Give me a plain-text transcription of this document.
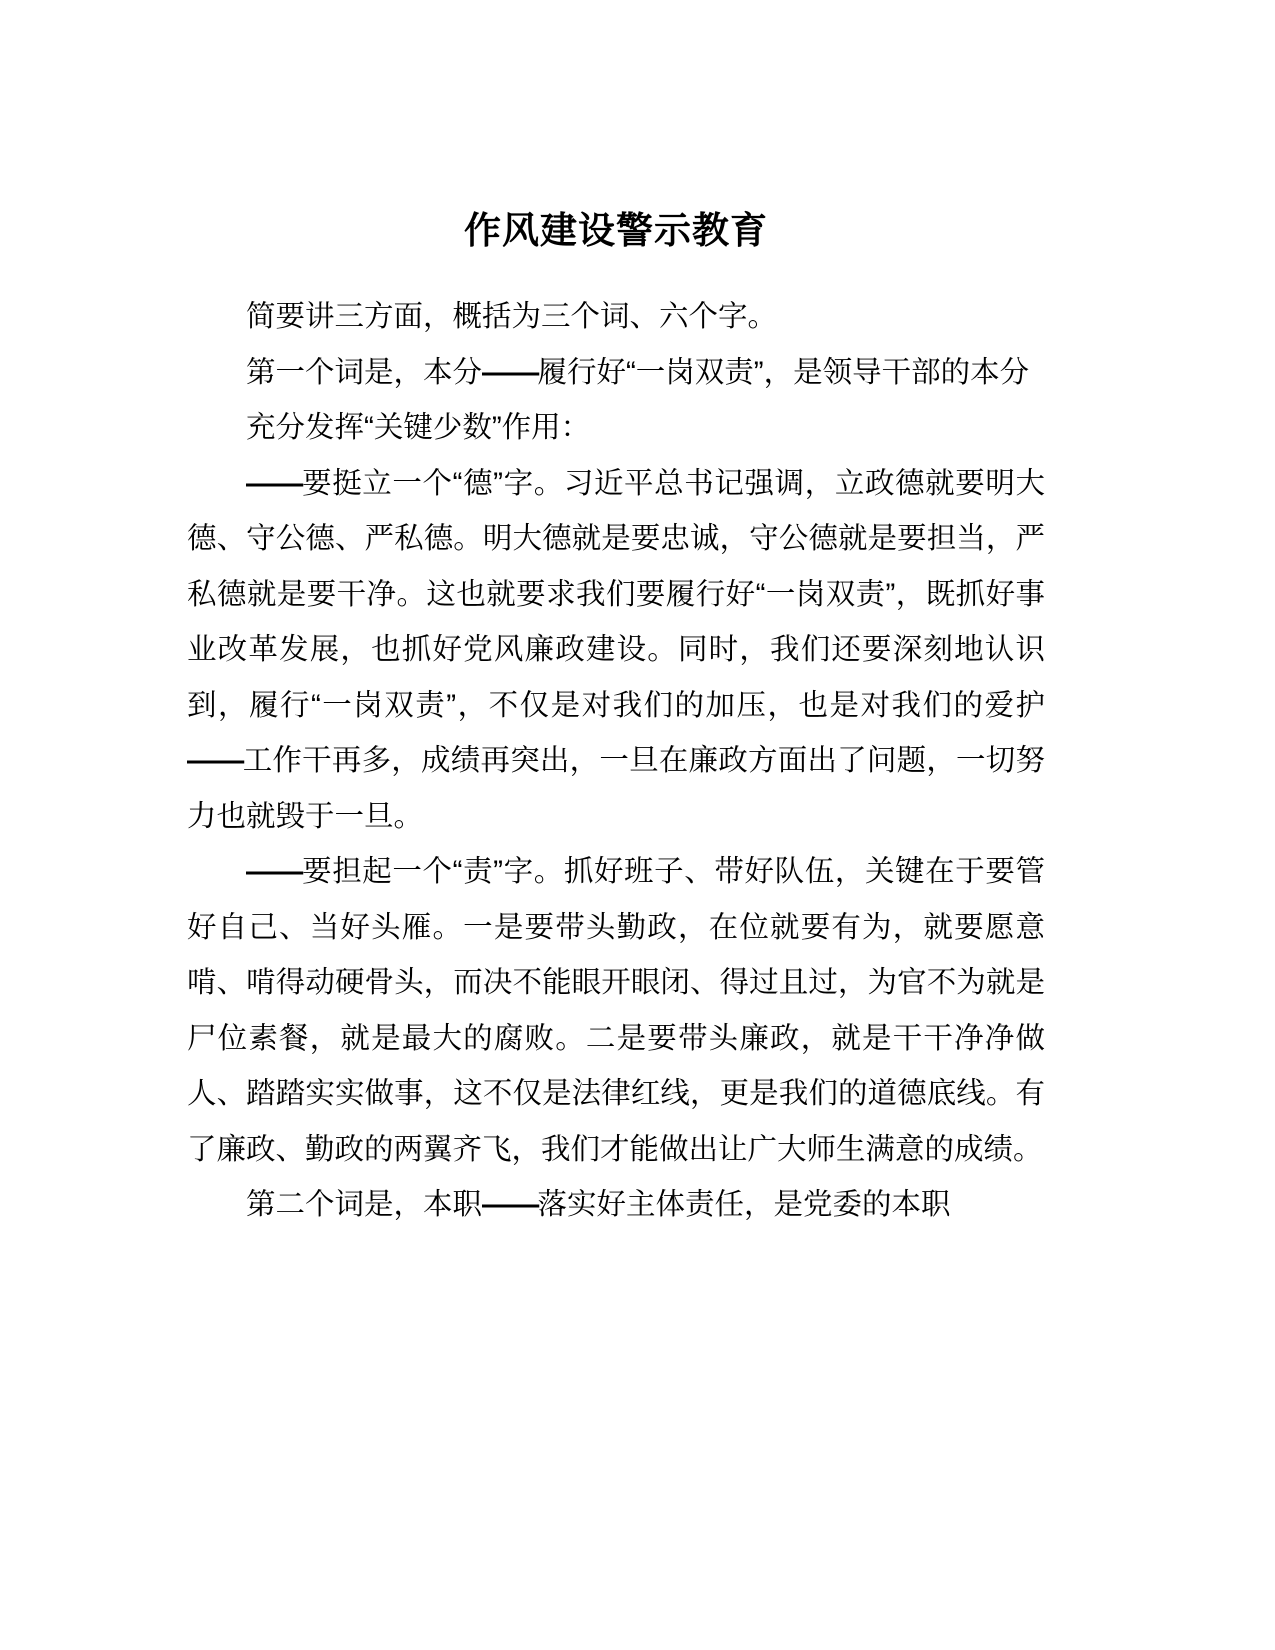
作风建设警示教育

简要讲三方面，概括为三个词、六个字。

第一个词是，本分——履行好“一岗双责”，是领导干部的本分

充分发挥“关键少数”作用：

——要挺立一个“德”字。习近平总书记强调，立政德就要明大德、守公德、严私德。明大德就是要忠诚，守公德就是要担当，严私德就是要干净。这也就要求我们要履行好“一岗双责”，既抓好事业改革发展，也抓好党风廉政建设。同时，我们还要深刻地认识到，履行“一岗双责”，不仅是对我们的加压，也是对我们的爱护——工作干再多，成绩再突出，一旦在廉政方面出了问题，一切努力也就毁于一旦。

——要担起一个“责”字。抓好班子、带好队伍，关键在于要管好自己、当好头雁。一是要带头勤政，在位就要有为，就要愿意啃、啃得动硬骨头，而决不能眼开眼闭、得过且过，为官不为就是尸位素餐，就是最大的腐败。二是要带头廉政，就是干干净净做人、踏踏实实做事，这不仅是法律红线，更是我们的道德底线。有了廉政、勤政的两翼齐飞，我们才能做出让广大师生满意的成绩。

第二个词是，本职——落实好主体责任，是党委的本职
